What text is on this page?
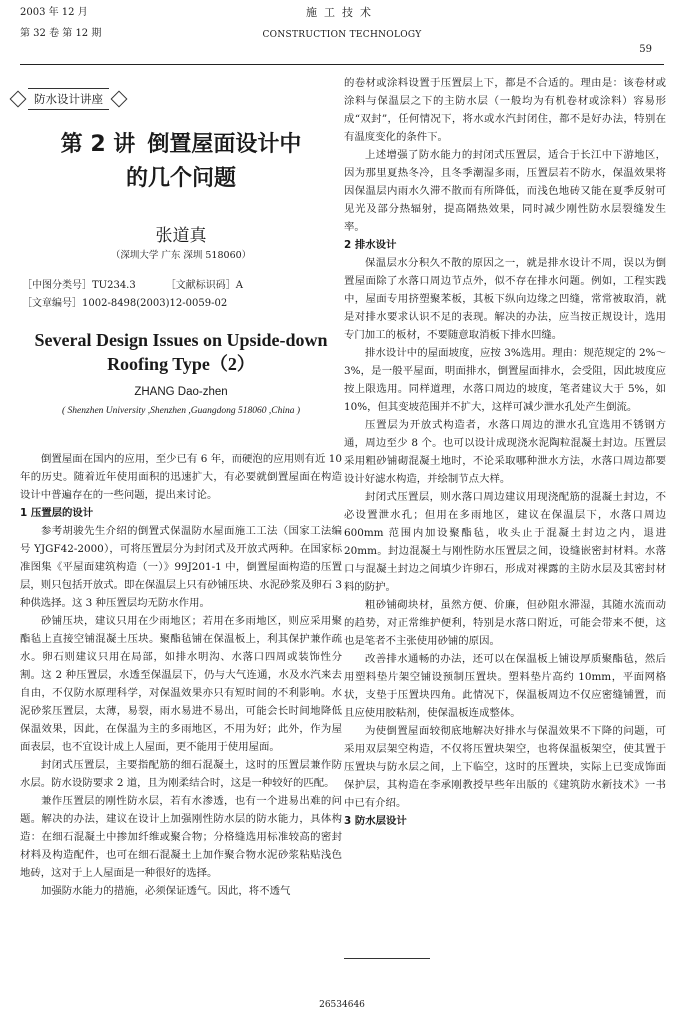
2003 年 12 月
第 32 卷 第 12 期
施工技术
CONSTRUCTION TECHNOLOGY
59
防水设计讲座
第 2 讲 倒置屋面设计中
的几个问题
张道真
（深圳大学 广东 深圳 518060）
［中图分类号］TU234.3	［文献标识码］A
［文章编号］1002-8498(2003)12-0059-02
Several Design Issues on Upside-down
Roofing Type（2）
ZHANG Dao-zhen
( Shenzhen University ,Shenzhen ,Guangdong 518060 ,China )

倒置屋面在国内的应用，至少已有 6 年，而硬泡的应用则有近 10 年的历史。随着近年使用面积的迅速扩大，有必要就倒置屋面在构造设计中普遍存在的一些问题，提出来讨论。

1 压置层的设计

参考胡骏先生介绍的倒置式保温防水屋面施工工法（国家工法编号 YJGF42-2000），可将压置层分为封闭式及开放式两种。在国家标准图集《平屋面建筑构造（一）》99J201-1 中，倒置屋面构造的压置层，则只包括开放式。即在保温层上只有砂铺压块、水泥砂浆及卵石 3 种供选择。这 3 种压置层均无防水作用。

砂铺压块，建议只用在少雨地区；若用在多雨地区，则应采用聚酯毡上直接空铺混凝土压块。聚酯毡铺在保温板上，利其保护兼作疏水。卵石则建议只用在局部，如排水明沟、水落口四周或装饰性分割。这 2 种压置层，水透至保温层下，仍与大气连通，水及水汽来去自由，不仅防水原理科学，对保温效果亦只有短时间的不利影响。水泥砂浆压置层，太薄，易裂，雨水易进不易出，可能会长时间地降低保温效果，因此，在保温为主的多雨地区，不用为好；此外，作为屋面表层，也不宜设计成上人屋面，更不能用于使用屋面。

封闭式压置层，主要指配筋的细石混凝土，这时的压置层兼作防水层。防水设防要求 2 道，且为刚柔结合时，这是一种较好的匹配。

兼作压置层的刚性防水层，若有水渗透，也有一个进易出难的问题。解决的办法，建议在设计上加强刚性防水层的防水能力，具体构造：在细石混凝土中掺加纤维或聚合物；分格缝选用标准较高的密封材料及构造配件，也可在细石混凝土上加作聚合物水泥砂浆粘贴浅色地砖，这对于上人屋面是一种很好的选择。

加强防水能力的措施，必须保证透气。因此，将不透气

的卷材或涂料设置于压置层上下，都是不合适的。理由是：该卷材或涂料与保温层之下的主防水层（一般均为有机卷材或涂料）容易形成“双封”，任何情况下，将水或水汽封闭住，都不是好办法，特别在有温度变化的条件下。

上述增强了防水能力的封闭式压置层，适合于长江中下游地区，因为那里夏热冬冷，且冬季潮湿多雨，压置层若不防水，保温效果将因保温层内雨水久滞不散而有所降低，而浅色地砖又能在夏季反射可见光及部分热辐射，提高隔热效果，同时减少刚性防水层裂缝发生率。

2 排水设计

保温层水分积久不散的原因之一，就是排水设计不周，误以为倒置屋面除了水落口周边节点外，似不存在排水问题。例如，工程实践中，屋面专用挤塑聚苯板，其板下纵向边缘之凹缝，常常被取消，就是对排水要求认识不足的表现。解决的办法，应当按正规设计，选用专门加工的板材，不要随意取消板下排水凹缝。

排水设计中的屋面坡度，应按 3%选用。理由：规范规定的 2%～3%，是一般平屋面，明面排水，倒置屋面排水，会受阻，因此坡度应按上限选用。同样道理，水落口周边的坡度，笔者建议大于 5%，如 10%，但其变坡范围并不扩大，这样可减少泄水孔处产生倒流。

压置层为开放式构造者，水落口周边的泄水孔宜选用不锈钢方通，周边至少 8 个。也可以设计成现浇水泥陶粒混凝土封边。压置层采用粗砂铺砌混凝土地时，不论采取哪种泄水方法，水落口周边都要设计好滤水构造，并绘制节点大样。

封闭式压置层，则水落口周边建议用现浇配筋的混凝土封边，不必设置泄水孔；但用在多雨地区，建议在保温层下，水落口周边 600mm 范围内加设聚酯毡，收头止于混凝土封边之内，退进 20mm。封边混凝土与刚性防水压置层之间，设缝嵌密封材料。水落口与混凝土封边之间填少许卵石，形成对裸露的主防水层及其密封材料的防护。

粗砂铺砌块材，虽然方便、价廉，但砂阻水滞湿，其随水流而动的趋势，对正常维护便利，特别是水落口附近，可能会带来不便，这也是笔者不主张使用砂铺的原因。

改善排水通畅的办法，还可以在保温板上铺设厚质聚酯毡，然后用塑料垫片架空铺设预制压置块。塑料垫片高约 10mm，平面网格状，支垫于压置块四角。此情况下，保温板周边不仅应密缝铺置，而且应使用胶粘剂，使保温板连成整体。

为使倒置屋面较彻底地解决好排水与保温效果不下降的问题，可采用双层架空构造，不仅将压置块架空，也将保温板架空，使其置于压置块与防水层之间，上下临空，这时的压置块，实际上已变成饰面保护层，其构造在李承刚教授早些年出版的《建筑防水新技术》一书中已有介绍。

3 防水层设计

26534646
